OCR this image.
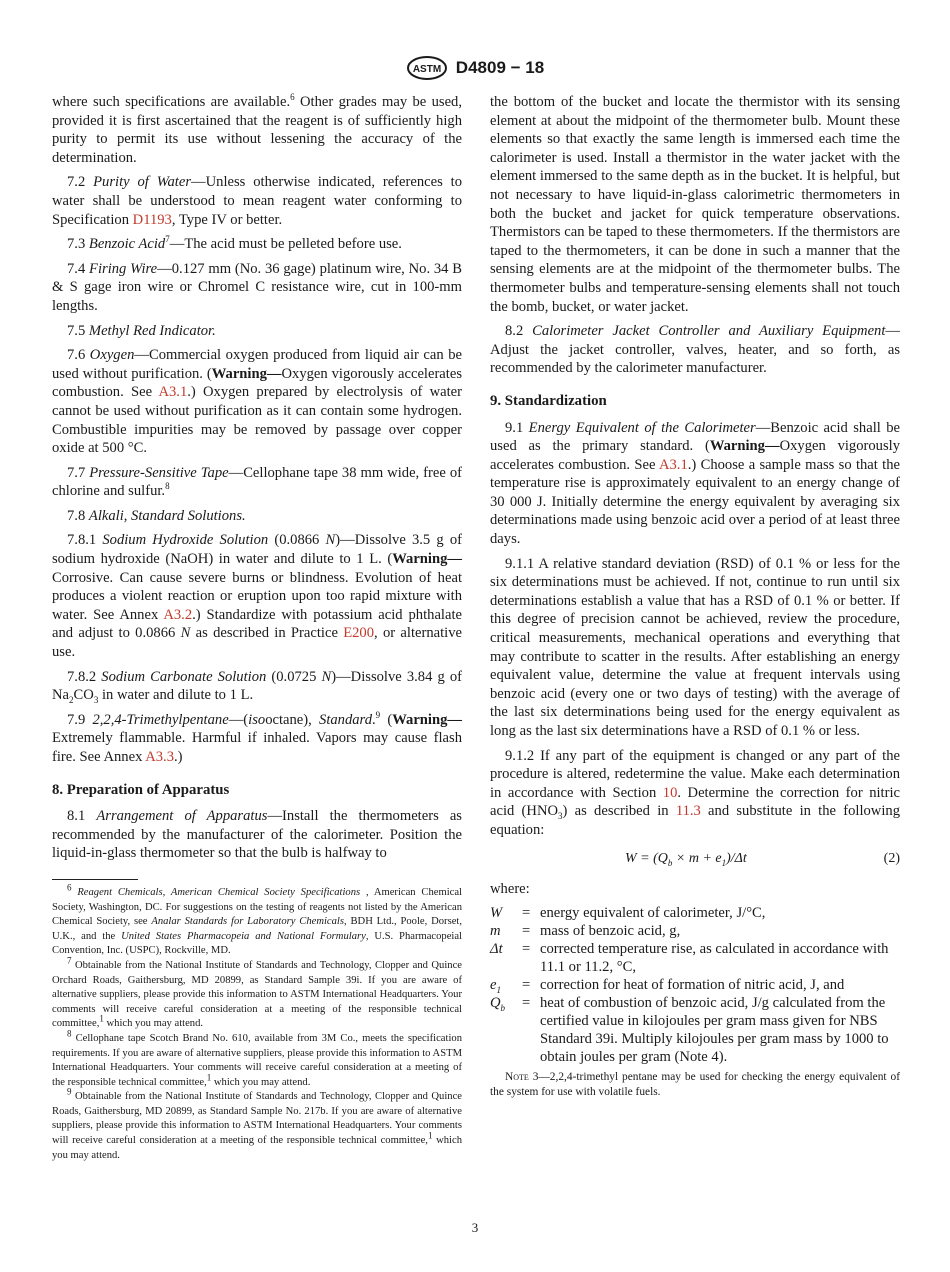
ASTM D4809 − 18

where such specifications are available.$^6$ Other grades may be used, provided it is first ascertained that the reagent is of sufficiently high purity to permit its use without lessening the accuracy of the determination.

7.2 Purity of Water—Unless otherwise indicated, references to water shall be understood to mean reagent water conforming to Specification D1193, Type IV or better.

7.3 Benzoic Acid$^7$—The acid must be pelleted before use.

7.4 Firing Wire—0.127 mm (No. 36 gage) platinum wire, No. 34 B & S gage iron wire or Chromel C resistance wire, cut in 100-mm lengths.

7.5 Methyl Red Indicator.

7.6 Oxygen—Commercial oxygen produced from liquid air can be used without purification. (Warning—Oxygen vigorously accelerates combustion. See A3.1.) Oxygen prepared by electrolysis of water cannot be used without purification as it can contain some hydrogen. Combustible impurities may be removed by passage over copper oxide at 500 °C.

7.7 Pressure-Sensitive Tape—Cellophane tape 38 mm wide, free of chlorine and sulfur.$^8$

7.8 Alkali, Standard Solutions.

7.8.1 Sodium Hydroxide Solution (0.0866 N)—Dissolve 3.5 g of sodium hydroxide (NaOH) in water and dilute to 1 L. (Warning—Corrosive. Can cause severe burns or blindness. Evolution of heat produces a violent reaction or eruption upon too rapid mixture with water. See Annex A3.2.) Standardize with potassium acid phthalate and adjust to 0.0866 N as described in Practice E200, or alternative use.

7.8.2 Sodium Carbonate Solution (0.0725 N)—Dissolve 3.84 g of $Na_2CO_3$ in water and dilute to 1 L.

7.9 2,2,4-Trimethylpentane—(isooctane), Standard.$^9$ (Warning—Extremely flammable. Harmful if inhaled. Vapors may cause flash fire. See Annex A3.3.)

8. Preparation of Apparatus

8.1 Arrangement of Apparatus—Install the thermometers as recommended by the manufacturer of the calorimeter. Position the liquid-in-glass thermometer so that the bulb is halfway to

$^6$ Reagent Chemicals, American Chemical Society Specifications , American Chemical Society, Washington, DC. For suggestions on the testing of reagents not listed by the American Chemical Society, see Analar Standards for Laboratory Chemicals, BDH Ltd., Poole, Dorset, U.K., and the United States Pharmacopeia and National Formulary, U.S. Pharmacopeial Convention, Inc. (USPC), Rockville, MD.

$^7$ Obtainable from the National Institute of Standards and Technology, Clopper and Quince Orchard Roads, Gaithersburg, MD 20899, as Standard Sample 39i. If you are aware of alternative suppliers, please provide this information to ASTM International Headquarters. Your comments will receive careful consideration at a meeting of the responsible technical committee,$^1$ which you may attend.

$^8$ Cellophane tape Scotch Brand No. 610, available from 3M Co., meets the specification requirements. If you are aware of alternative suppliers, please provide this information to ASTM International Headquarters. Your comments will receive careful consideration at a meeting of the responsible technical committee,$^1$ which you may attend.

$^9$ Obtainable from the National Institute of Standards and Technology, Clopper and Quince Roads, Gaithersburg, MD 20899, as Standard Sample No. 217b. If you are aware of alternative suppliers, please provide this information to ASTM International Headquarters. Your comments will receive careful consideration at a meeting of the responsible technical committee,$^1$ which you may attend.

the bottom of the bucket and locate the thermistor with its sensing element at about the midpoint of the thermometer bulb. Mount these elements so that exactly the same length is immersed each time the calorimeter is used. Install a thermistor in the water jacket with the element immersed to the same depth as in the bucket. It is helpful, but not necessary to have liquid-in-glass calorimetric thermometers in both the bucket and jacket for quick temperature observations. Thermistors can be taped to these thermometers. If the thermistors are taped to the thermometers, it can be done in such a manner that the sensing elements are at the midpoint of the thermometer bulbs. The thermometer bulbs and temperature-sensing elements shall not touch the bomb, bucket, or water jacket.

8.2 Calorimeter Jacket Controller and Auxiliary Equipment—Adjust the jacket controller, valves, heater, and so forth, as recommended by the calorimeter manufacturer.

9. Standardization

9.1 Energy Equivalent of the Calorimeter—Benzoic acid shall be used as the primary standard. (Warning—Oxygen vigorously accelerates combustion. See A3.1.) Choose a sample mass so that the temperature rise is approximately equivalent to an energy change of 30 000 J. Initially determine the energy equivalent by averaging six determinations made using benzoic acid over a period of at least three days.

9.1.1 A relative standard deviation (RSD) of 0.1 % or less for the six determinations must be achieved. If not, continue to run until six determinations establish a value that has a RSD of 0.1 % or better. If this degree of precision cannot be achieved, review the procedure, critical measurements, mechanical operations and everything that may contribute to scatter in the results. After establishing an energy equivalent value, determine the value at frequent intervals using benzoic acid (every one or two days of testing) with the average of the last six determinations being used for the energy equivalent as long as the last six determinations have a RSD of 0.1 % or less.

9.1.2 If any part of the equipment is changed or any part of the procedure is altered, redetermine the value. Make each determination in accordance with Section 10. Determine the correction for nitric acid $(HNO_3)$ as described in 11.3 and substitute in the following equation:

$W = (Q_b \times m + e_1)/\Delta t$	(2)

where:

W	=	energy equivalent of calorimeter, J/°C,
m	=	mass of benzoic acid, g,
Δt	=	corrected temperature rise, as calculated in accordance with 11.1 or 11.2, °C,
$e_1$	=	correction for heat of formation of nitric acid, J, and
$Q_b$	=	heat of combustion of benzoic acid, J/g calculated from the certified value in kilojoules per gram mass given for NBS Standard 39i. Multiply kilojoules per gram mass by 1000 to obtain joules per gram (Note 4).

Note 3—2,2,4-trimethyl pentane may be used for checking the energy equivalent of the system for use with volatile fuels.

3
